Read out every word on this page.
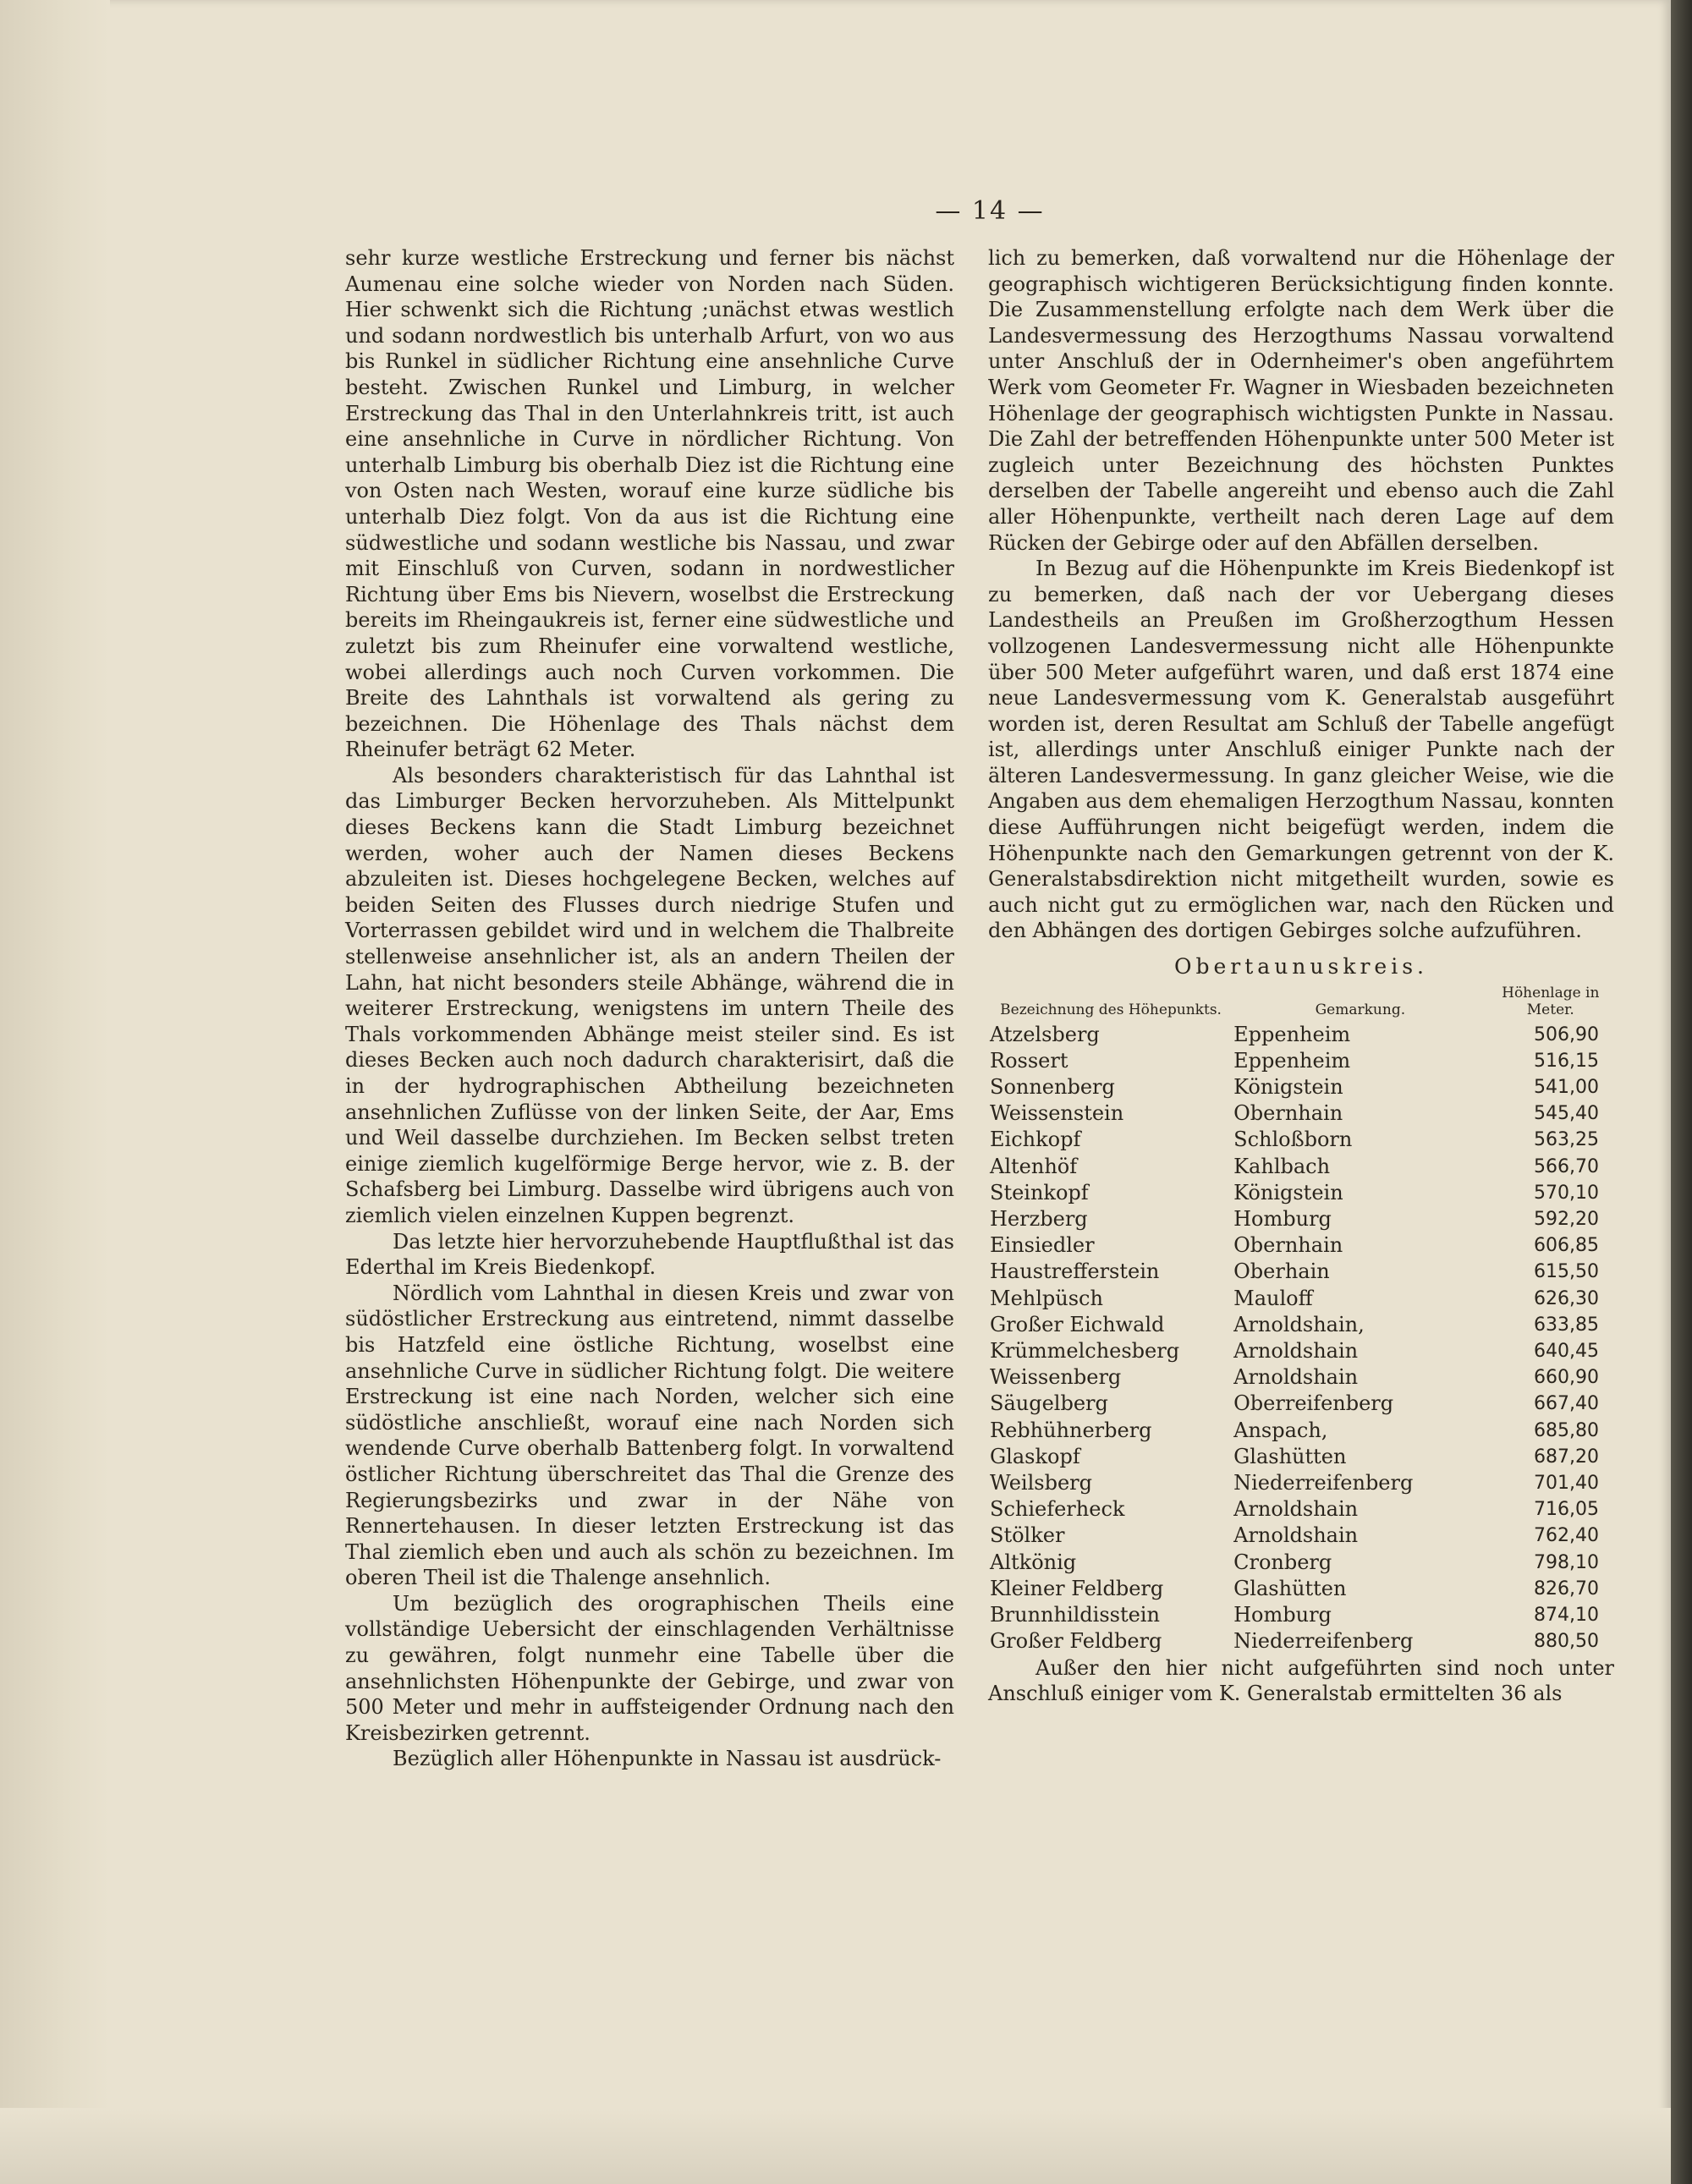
— 14 —

sehr kurze westliche Erstreckung und ferner bis nächst Aumenau eine solche wieder von Norden nach Süden. Hier schwenkt sich die Richtung ;unächst etwas westlich und sodann nordwestlich bis unterhalb Arfurt, von wo aus bis Runkel in südlicher Richtung eine ansehnliche Curve besteht. Zwischen Runkel und Limburg, in welcher Erstreckung das Thal in den Unterlahnkreis tritt, ist auch eine ansehnliche in Curve in nördlicher Richtung. Von unterhalb Limburg bis oberhalb Diez ist die Richtung eine von Osten nach Westen, worauf eine kurze südliche bis unterhalb Diez folgt. Von da aus ist die Richtung eine südwestliche und sodann westliche bis Nassau, und zwar mit Einschluß von Curven, sodann in nordwestlicher Richtung über Ems bis Nievern, woselbst die Erstreckung bereits im Rheingaukreis ist, ferner eine südwestliche und zuletzt bis zum Rheinufer eine vorwaltend westliche, wobei allerdings auch noch Curven vorkommen. Die Breite des Lahnthals ist vorwaltend als gering zu bezeichnen. Die Höhenlage des Thals nächst dem Rheinufer beträgt 62 Meter.

Als besonders charakteristisch für das Lahnthal ist das Limburger Becken hervorzuheben. Als Mittelpunkt dieses Beckens kann die Stadt Limburg bezeichnet werden, woher auch der Namen dieses Beckens abzuleiten ist. Dieses hochgelegene Becken, welches auf beiden Seiten des Flusses durch niedrige Stufen und Vorterrassen gebildet wird und in welchem die Thalbreite stellenweise ansehnlicher ist, als an andern Theilen der Lahn, hat nicht besonders steile Abhänge, während die in weiterer Erstreckung, wenigstens im untern Theile des Thals vorkommenden Abhänge meist steiler sind. Es ist dieses Becken auch noch dadurch charakterisirt, daß die in der hydrographischen Abtheilung bezeichneten ansehnlichen Zuflüsse von der linken Seite, der Aar, Ems und Weil dasselbe durchziehen. Im Becken selbst treten einige ziemlich kugelförmige Berge hervor, wie z. B. der Schafsberg bei Limburg. Dasselbe wird übrigens auch von ziemlich vielen einzelnen Kuppen begrenzt.

Das letzte hier hervorzuhebende Hauptflußthal ist das Ederthal im Kreis Biedenkopf.

Nördlich vom Lahnthal in diesen Kreis und zwar von südöstlicher Erstreckung aus eintretend, nimmt dasselbe bis Hatzfeld eine östliche Richtung, woselbst eine ansehnliche Curve in südlicher Richtung folgt. Die weitere Erstreckung ist eine nach Norden, welcher sich eine südöstliche anschließt, worauf eine nach Norden sich wendende Curve oberhalb Battenberg folgt. In vorwaltend östlicher Richtung überschreitet das Thal die Grenze des Regierungsbezirks und zwar in der Nähe von Rennertehausen. In dieser letzten Erstreckung ist das Thal ziemlich eben und auch als schön zu bezeichnen. Im oberen Theil ist die Thalenge ansehnlich.

Um bezüglich des orographischen Theils eine vollständige Uebersicht der einschlagenden Verhältnisse zu gewähren, folgt nunmehr eine Tabelle über die ansehnlichsten Höhenpunkte der Gebirge, und zwar von 500 Meter und mehr in auffsteigender Ordnung nach den Kreisbezirken getrennt.

Bezüglich aller Höhenpunkte in Nassau ist ausdrück-

lich zu bemerken, daß vorwaltend nur die Höhenlage der geographisch wichtigeren Berücksichtigung finden konnte. Die Zusammenstellung erfolgte nach dem Werk über die Landesvermessung des Herzogthums Nassau vorwaltend unter Anschluß der in Odernheimer's oben angeführtem Werk vom Geometer Fr. Wagner in Wiesbaden bezeichneten Höhenlage der geographisch wichtigsten Punkte in Nassau. Die Zahl der betreffenden Höhenpunkte unter 500 Meter ist zugleich unter Bezeichnung des höchsten Punktes derselben der Tabelle angereiht und ebenso auch die Zahl aller Höhenpunkte, vertheilt nach deren Lage auf dem Rücken der Gebirge oder auf den Abfällen derselben.

In Bezug auf die Höhenpunkte im Kreis Biedenkopf ist zu bemerken, daß nach der vor Uebergang dieses Landestheils an Preußen im Großherzogthum Hessen vollzogenen Landesvermessung nicht alle Höhenpunkte über 500 Meter aufgeführt waren, und daß erst 1874 eine neue Landesvermessung vom K. Generalstab ausgeführt worden ist, deren Resultat am Schluß der Tabelle angefügt ist, allerdings unter Anschluß einiger Punkte nach der älteren Landesvermessung. In ganz gleicher Weise, wie die Angaben aus dem ehemaligen Herzogthum Nassau, konnten diese Aufführungen nicht beigefügt werden, indem die Höhenpunkte nach den Gemarkungen getrennt von der K. Generalstabsdirektion nicht mitgetheilt wurden, sowie es auch nicht gut zu ermöglichen war, nach den Rücken und den Abhängen des dortigen Gebirges solche aufzuführen.

Obertaunuskreis.
Bezeichnung des Höhepunkts.	Gemarkung.	Höhenlage in Meter.
Atzelsberg	Eppenheim	506,90
Rossert	Eppenheim	516,15
Sonnenberg	Königstein	541,00
Weissenstein	Obernhain	545,40
Eichkopf	Schloßborn	563,25
Altenhöf	Kahlbach	566,70
Steinkopf	Königstein	570,10
Herzberg	Homburg	592,20
Einsiedler	Obernhain	606,85
Haustrefferstein	Oberhain	615,50
Mehlpüsch	Mauloff	626,30
Großer Eichwald	Arnoldshain,	633,85
Krümmelchesberg	Arnoldshain	640,45
Weissenberg	Arnoldshain	660,90
Säugelberg	Oberreifenberg	667,40
Rebhühnerberg	Anspach,	685,80
Glaskopf	Glashütten	687,20
Weilsberg	Niederreifenberg	701,40
Schieferheck	Arnoldshain	716,05
Stölker	Arnoldshain	762,40
Altkönig	Cronberg	798,10
Kleiner Feldberg	Glashütten	826,70
Brunnhildisstein	Homburg	874,10
Großer Feldberg	Niederreifenberg	880,50

Außer den hier nicht aufgeführten sind noch unter Anschluß einiger vom K. Generalstab ermittelten 36 als
